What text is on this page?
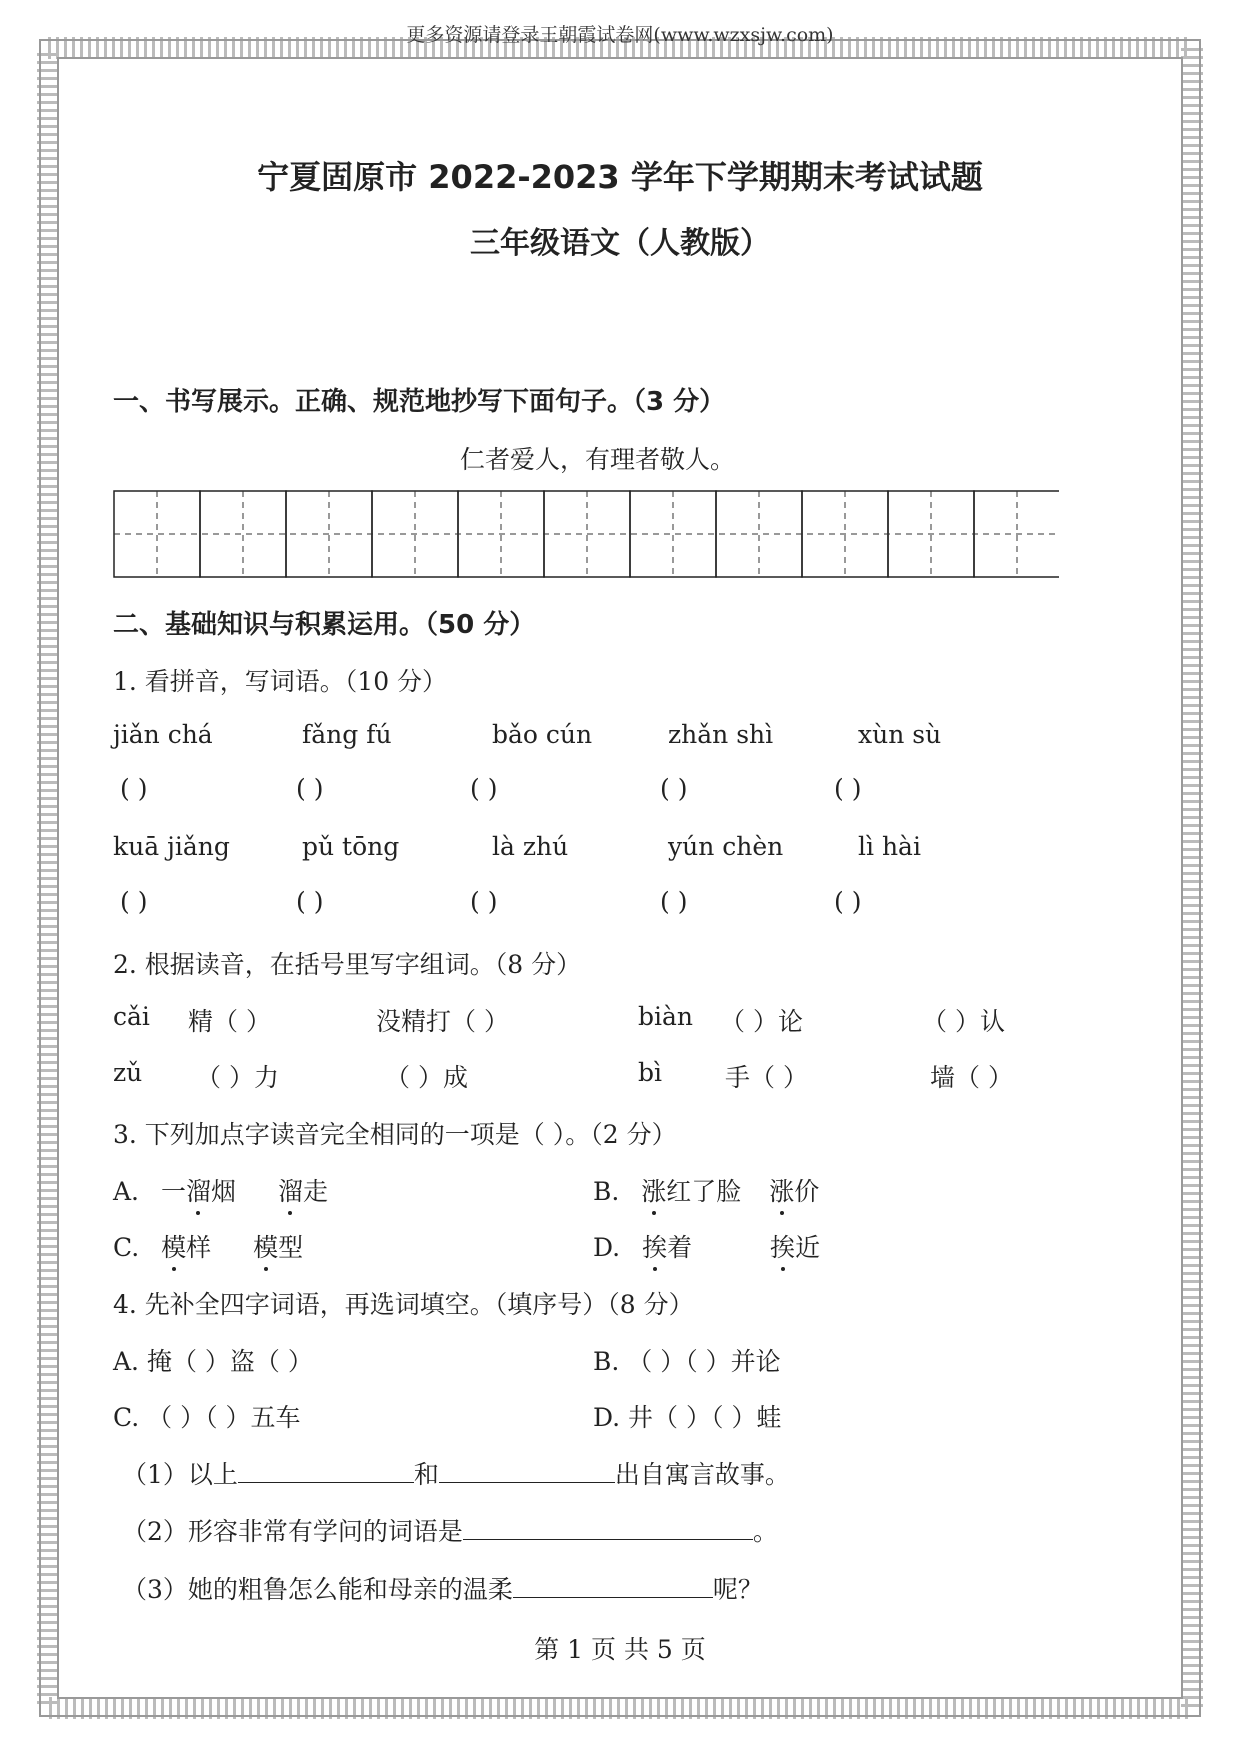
更多资源请登录王朝霞试卷网(www.wzxsjw.com)
宁夏固原市 2022-2023 学年下学期期末考试试题
三年级语文（人教版）
一、书写展示。正确、规范地抄写下面句子。（3 分）
仁者爱人，有理者敬人。
二、基础知识与积累运用。（50 分）
1. 看拼音，写词语。（10 分）
jiǎn chá	fǎng fú	bǎo cún	zhǎn shì	xùn sù
( )	( )	( )	( )	( )
kuā jiǎng	pǔ tōng	là zhú	yún chèn	lì hài
( )	( )	( )	( )	( )
2. 根据读音，在括号里写字组词。（8 分）
cǎi 精（ ）	没精打（ ）	biàn （ ）论	（ ）认
zǔ （ ）力	（ ）成	bì	手（ ）	墙（ ）
3. 下列加点字读音完全相同的一项是（ ）。（2 分）
A. 一溜烟 溜走	B. 涨红了脸 涨价
C. 模样 模型	D. 挨着	挨近
4. 先补全四字词语，再选词填空。（填序号）（8 分）
A. 掩（ ）盗（ ）	B. （ ）（ ）并论
C. （ ）（ ）五车	D. 井（ ）（ ）蛙
（1）以上	和	出自寓言故事。
（2）形容非常有学问的词语是	。
（3）她的粗鲁怎么能和母亲的温柔	呢？
第 1 页 共 5 页
